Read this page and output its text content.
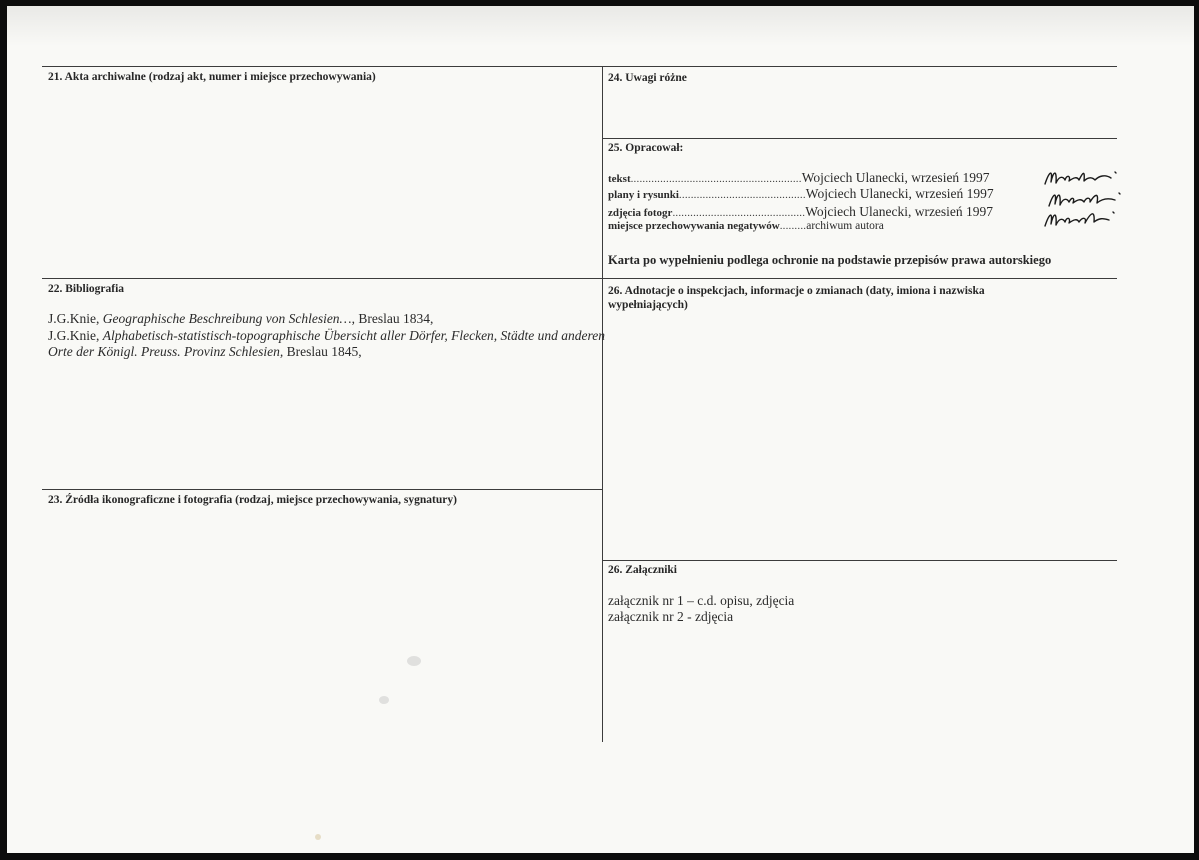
21. Akta archiwalne (rodzaj akt, numer i miejsce przechowywania)	24. Uwagi różne
25. Opracował:
tekst .......................................................... Wojciech Ulanecki, wrzesień 1997
plany i rysunki ........................................... Wojciech Ulanecki, wrzesień 1997
zdjęcia fotogr ............................................. Wojciech Ulanecki, wrzesień 1997
miejsce przechowywania negatywów ......... archiwum autora
Karta po wypełnieniu podlega ochronie na podstawie przepisów prawa autorskiego
22. Bibliografia

J.G.Knie, Geographische Beschreibung von Schlesien…, Breslau 1834,

J.G.Knie, Alphabetisch-statistisch-topographische Übersicht aller Dörfer, Flecken, Städte und anderen Orte der Königl. Preuss. Provinz Schlesien, Breslau 1845,

26. Adnotacje o inspekcjach, informacje o zmianach (daty, imiona i nazwiska wypełniających)
23. Źródła ikonograficzne i fotografia (rodzaj, miejsce przechowywania, sygnatury)
26. Załączniki
załącznik nr 1 – c.d. opisu, zdjęcia
załącznik nr 2 - zdjęcia
